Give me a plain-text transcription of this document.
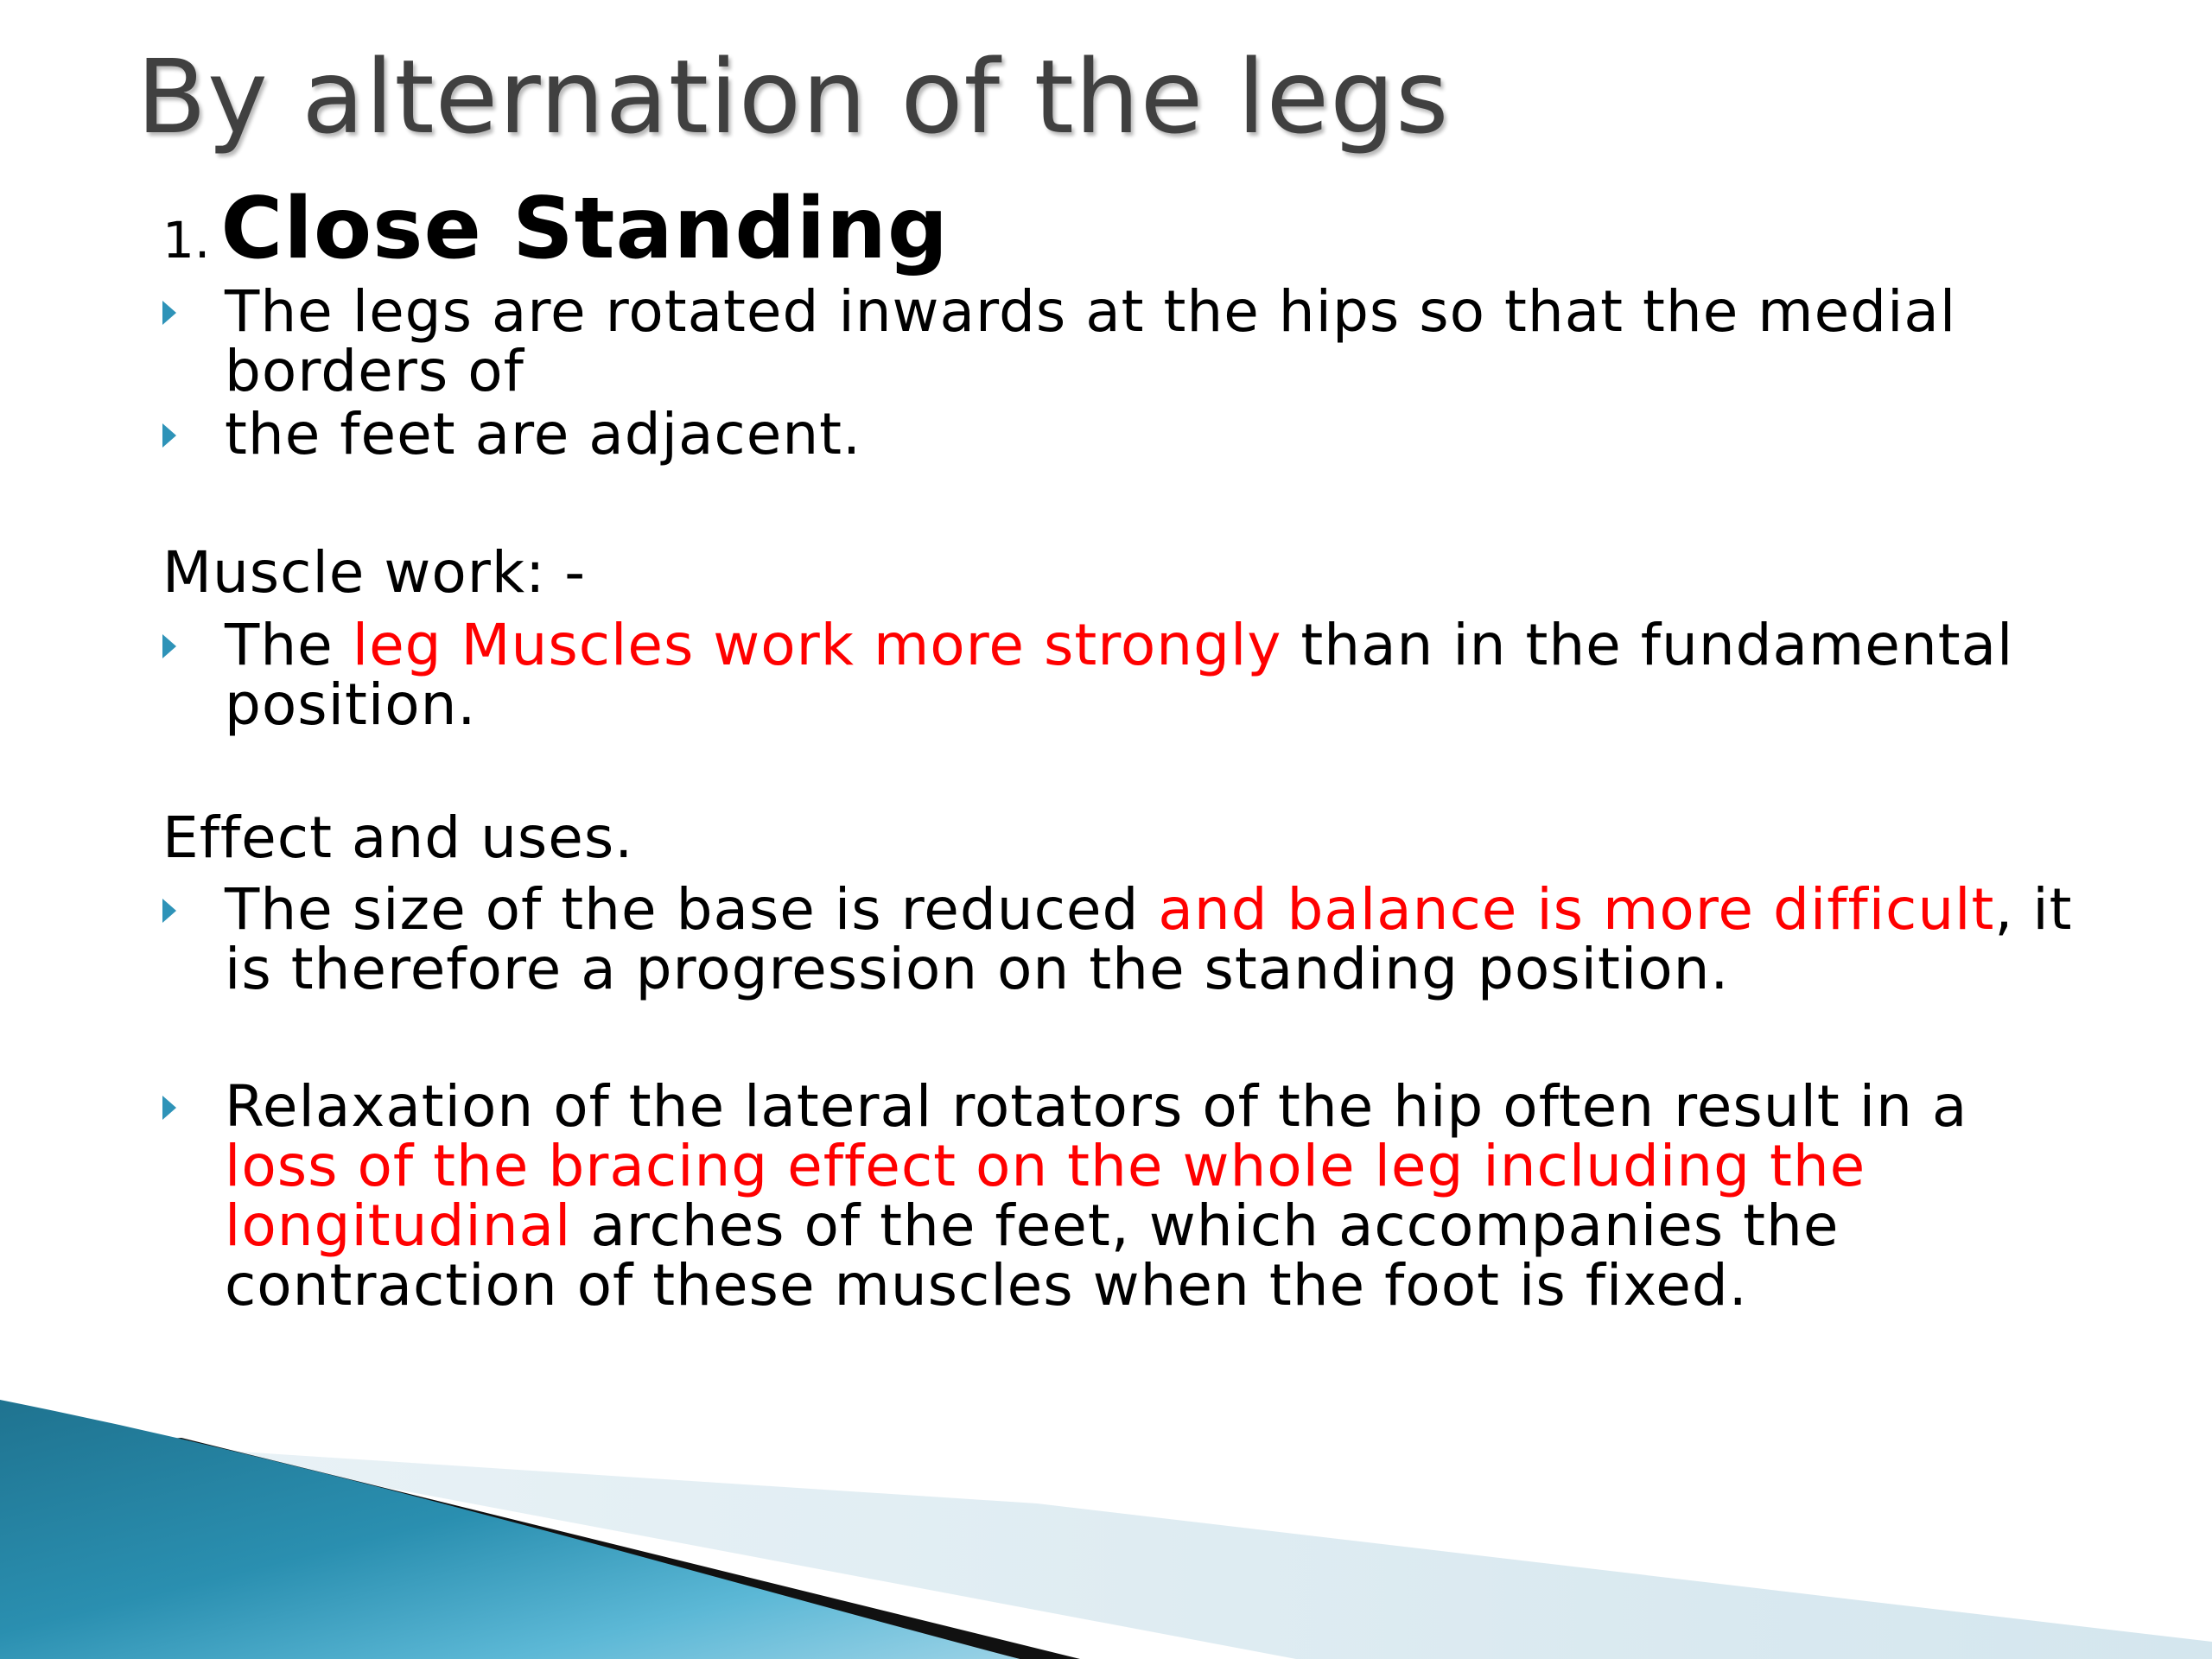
By alternation of the legs
1. Close Standing
The legs are rotated inwards at the hips so that the medial borders of
the feet are adjacent.
Muscle work: -
The leg Muscles work more strongly than in the fundamental position.
Effect and uses.
The size of the base is reduced and balance is more difficult, it is therefore a progression on the standing position.
Relaxation of the lateral rotators of the hip often result in a loss of the bracing effect on the whole leg including the longitudinal arches of the feet, which accompanies the contraction of these muscles when the foot is fixed.
